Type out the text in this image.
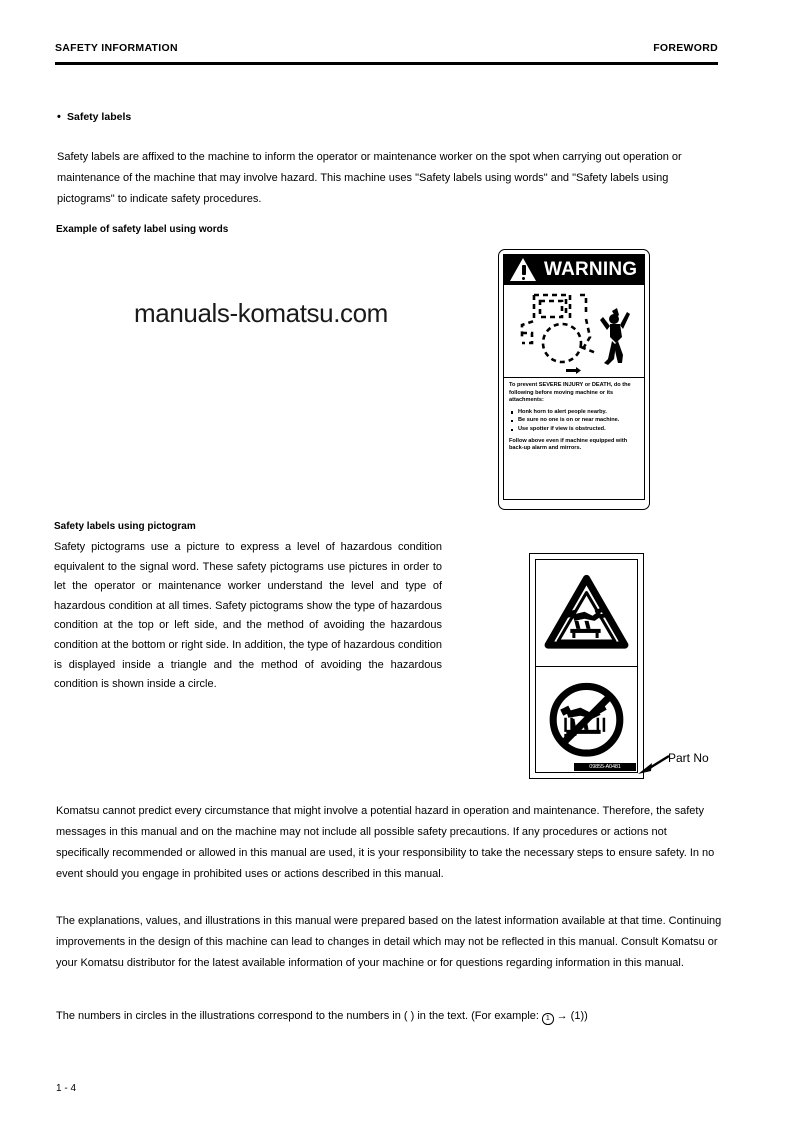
SAFETY INFORMATION	FOREWORD
• Safety labels
Safety labels are affixed to the machine to inform the operator or maintenance worker on the spot when carrying out operation or maintenance of the machine that may involve hazard. This machine uses "Safety labels using words" and "Safety labels using pictograms" to indicate safety procedures.
Example of safety label using words
manuals-komatsu.com
WARNING

To prevent SEVERE INJURY or DEATH, do the following before moving machine or its attachments:

Honk horn to alert people nearby.
Be sure no one is on or near machine.
Use spotter if view is obstructed.

Follow above even if machine equipped with back-up alarm and mirrors.

Safety labels using pictogram
Safety pictograms use a picture to express a level of hazardous condition equivalent to the signal word. These safety pictograms use pictures in order to let the operator or maintenance worker understand the level and type of hazardous condition at all times. Safety pictograms show the type of hazardous condition at the top or left side, and the method of avoiding the hazardous condition at the bottom or right side. In addition, the type of hazardous condition is displayed inside a triangle and the method of avoiding the hazardous condition is shown inside a circle.
09855-A0481
Part No
Komatsu cannot predict every circumstance that might involve a potential hazard in operation and maintenance. Therefore, the safety messages in this manual and on the machine may not include all possible safety precautions. If any procedures or actions not specifically recommended or allowed in this manual are used, it is your responsibility to take the necessary steps to ensure safety. In no event should you engage in prohibited uses or actions described in this manual.
The explanations, values, and illustrations in this manual were prepared based on the latest information available at that time. Continuing improvements in the design of this machine can lead to changes in detail which may not be reflected in this manual. Consult Komatsu or your Komatsu distributor for the latest available information of your machine or for questions regarding information in this manual.
The numbers in circles in the illustrations correspond to the numbers in ( ) in the text. (For example: 1 → (1))
1 - 4
